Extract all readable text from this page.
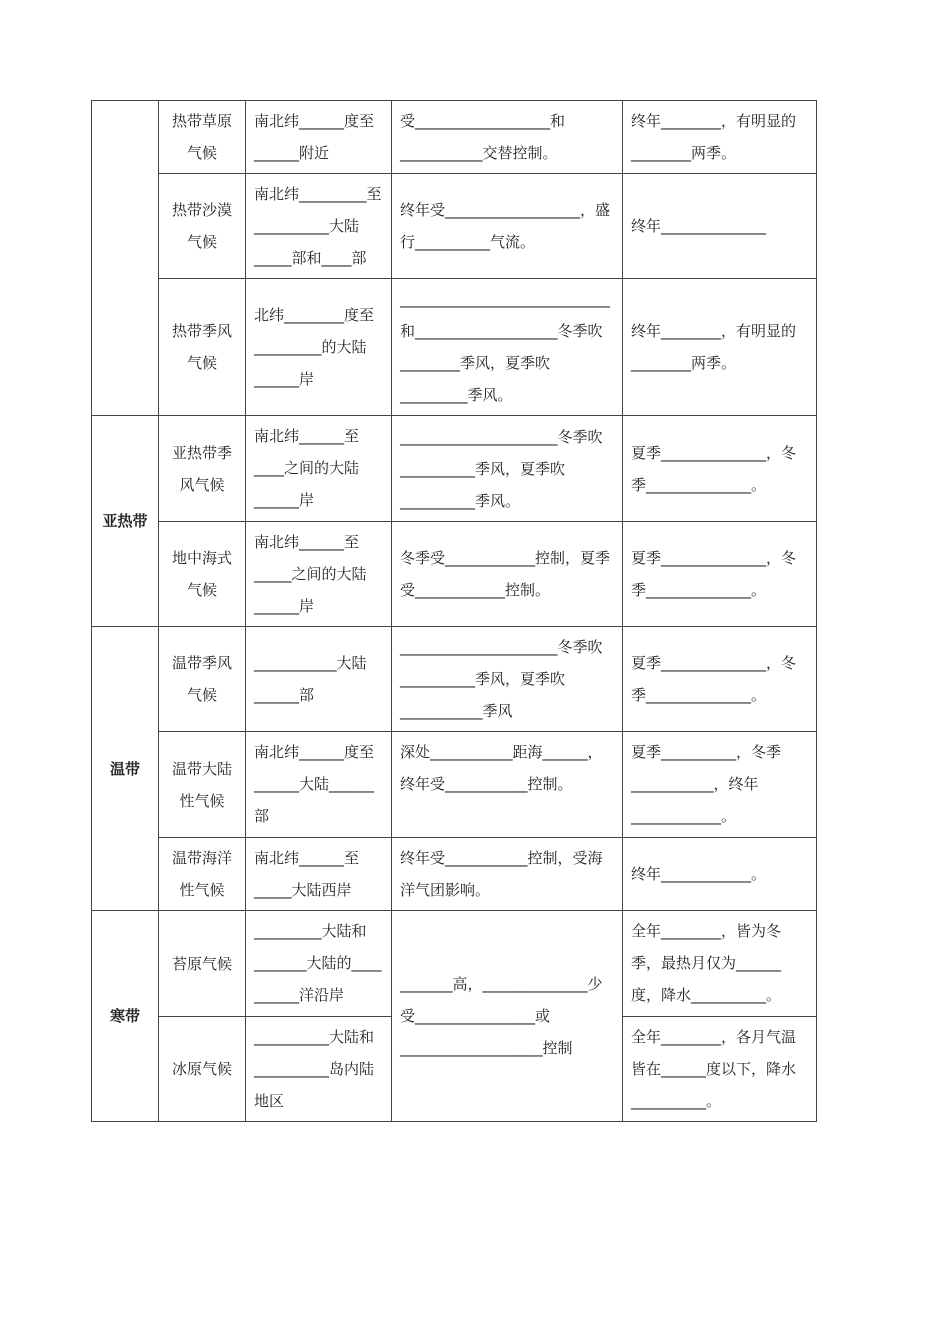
	热带草原气候	南北纬______度至______附近	受__________________和 ___________交替控制。	终年________，有明显的________两季。
	热带沙漠气候	南北纬_________至__________大陆_____部和____部	终年受__________________，盛行__________气流。	终年______________
	热带季风气候	北纬________度至_________的大陆______岸	____________________________和___________________冬季吹________季风，夏季吹_________季风。	终年________，有明显的________两季。
亚热带	亚热带季风气候	南北纬______至____之间的大陆______岸	_____________________冬季吹__________季风，夏季吹__________季风。	夏季______________，冬季______________。
	地中海式气候	南北纬______至_____之间的大陆______岸	冬季受____________控制，夏季受____________控制。	夏季______________，冬季______________。
温带	温带季风气候	___________大陆______部	_____________________冬季吹__________季风，夏季吹___________季风	夏季______________，冬季______________。
	温带大陆性气候	南北纬______度至______大陆______ 部	深处___________距海______，终年受___________控制。	夏季__________，冬季___________，终年____________。
	温带海洋性气候	南北纬______至_____大陆西岸	终年受___________控制，受海洋气团影响。	终年____________。
寒带	苔原气候	_________大陆和_______大陆的____ ______洋沿岸	_______高，______________少受________________或___________________控制	全年________，皆为冬季，最热月仅为______度，降水__________。
	冰原气候	__________大陆和__________岛内陆地区		全年________，各月气温皆在______度以下，降水__________。
